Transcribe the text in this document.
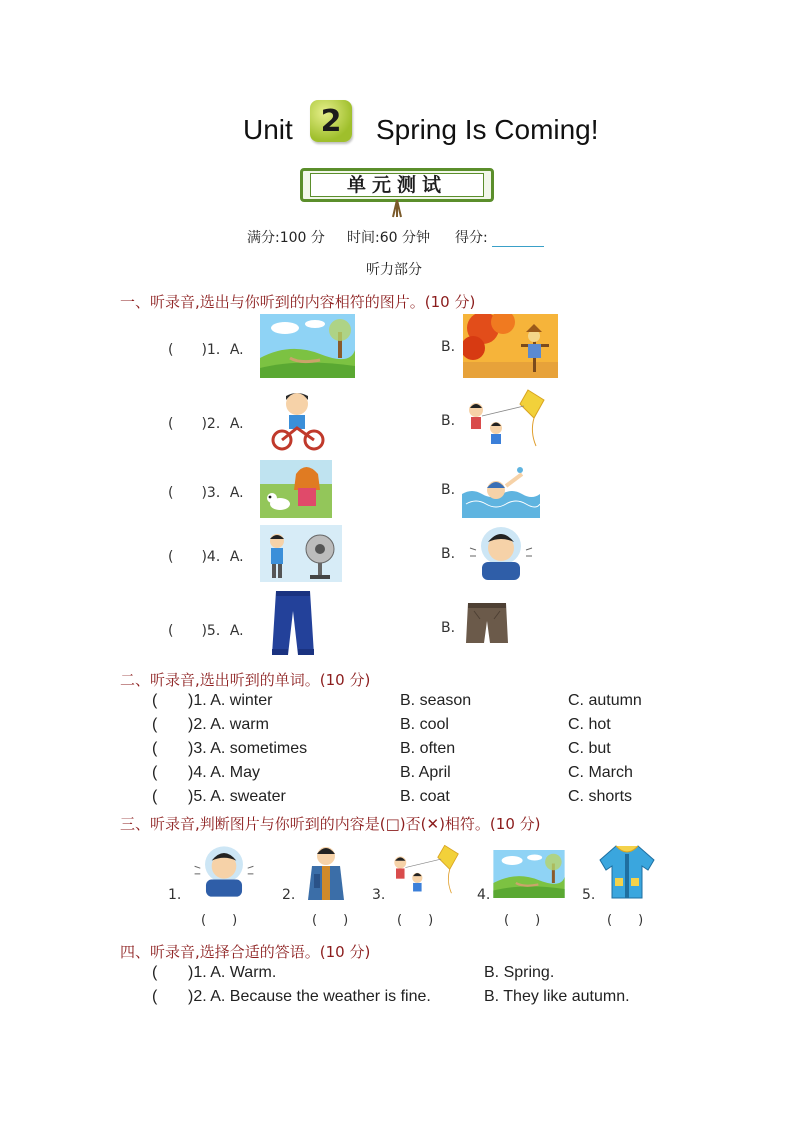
Unit 2	Spring Is Coming!
单元测试
满分:100 分 时间:60 分钟 得分:
听力部分
一、听录音,选出与你听到的内容相符的图片。(10 分)
(　　)1．A.	B.
(　　)2．A.	B.
(　　)3．A.	B.
(　　)4．A.	B.
(　　)5．A.	B.
二、听录音,选出听到的单词。(10 分)
( )1. A. winter	B. season	C. autumn
( )2. A. warm	B. cool	C. hot
( )3. A. sometimes	B. often	C. but
( )4. A. May	B. April	C. March
( )5. A. sweater	B. coat	C. shorts
三、听录音,判断图片与你听到的内容是(□)否(✕)相符。(10 分)
1.
(　　)
2.
(　　)
3.
(　　)
4.
(　　)
5.
(　　)
四、听录音,选择合适的答语。(10 分)
( )1. A. Warm.	B. Spring.
( )2. A. Because the weather is fine.	B. They like autumn.
